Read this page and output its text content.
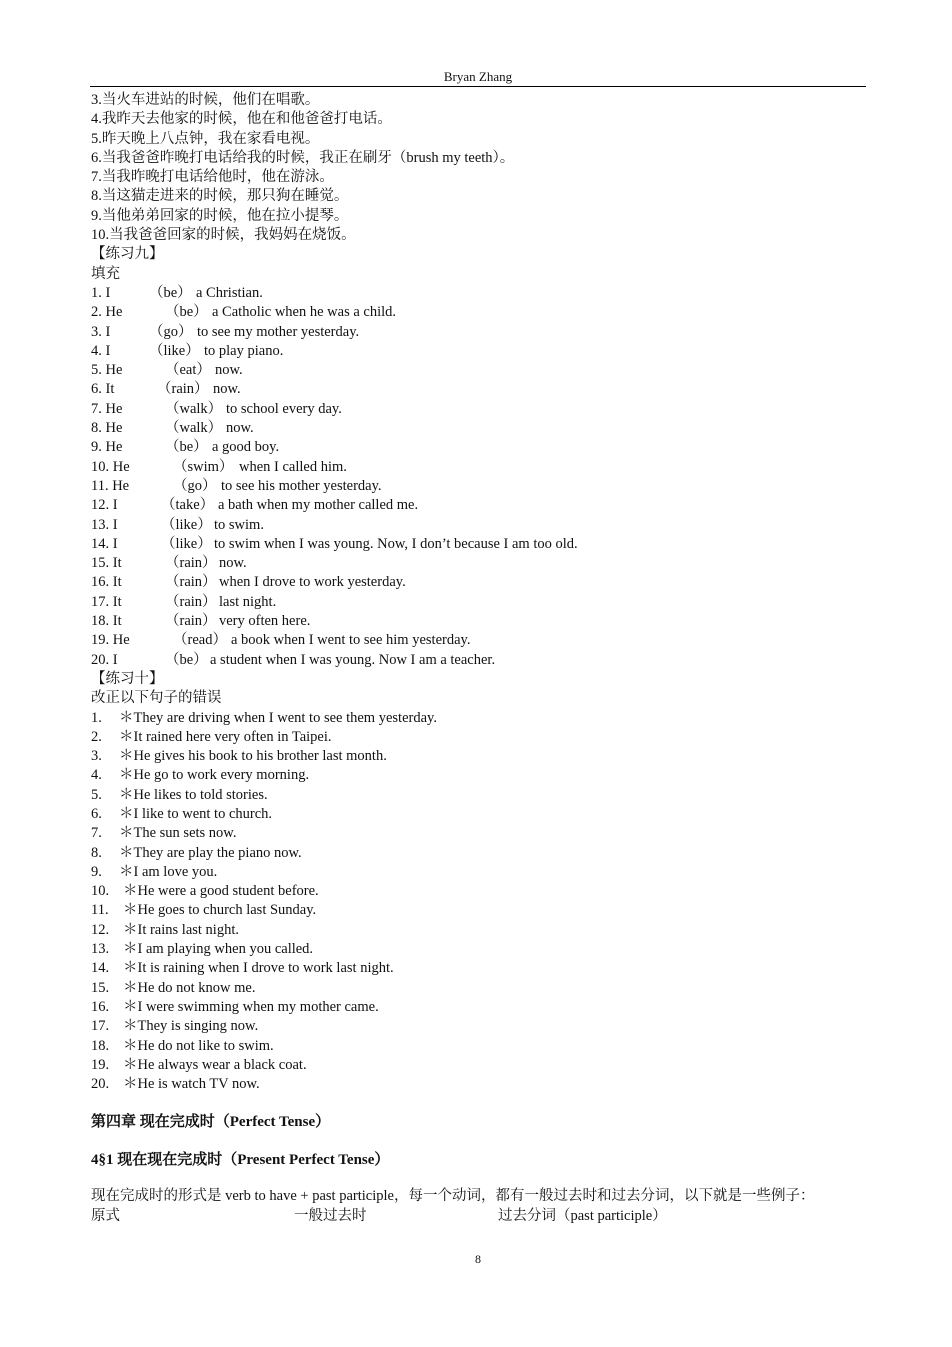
Bryan Zhang
3.当火车进站的时候，他们在唱歌。
4.我昨天去他家的时候，他在和他爸爸打电话。
5.昨天晚上八点钟，我在家看电视。
6.当我爸爸昨晚打电话给我的时候，我正在刷牙（brush my teeth）。
7.当我昨晚打电话给他时，他在游泳。
8.当这猫走进来的时候，那只狗在睡觉。
9.当他弟弟回家的时候，他在拉小提琴。
10.当我爸爸回家的时候，我妈妈在烧饭。
【练习九】
填充
1. I	（be） a Christian.
2. He	（be） a Catholic when he was a child.
3. I	（go） to see my mother yesterday.
4. I	（like） to play piano.
5. He	（eat） now.
6. It	（rain） now.
7. He	（walk） to school every day.
8. He	（walk） now.
9. He	（be） a good boy.
10. He	（swim） when I called him.
11. He	（go） to see his mother yesterday.
12. I	（take） a bath when my mother called me.
13. I	（like） to swim.
14. I	（like） to swim when I was young. Now, I don’t because I am too old.
15. It	（rain） now.
16. It	（rain） when I drove to work yesterday.
17. It	（rain） last night.
18. It	（rain） very often here.
19. He	（read） a book when I went to see him yesterday.
20. I	（be） a student when I was young. Now I am a teacher.
【练习十】
改正以下句子的错误
1. ＊They are driving when I went to see them yesterday.
2. ＊It rained here very often in Taipei.
3. ＊He gives his book to his brother last month.
4. ＊He go to work every morning.
5. ＊He likes to told stories.
6. ＊I like to went to church.
7. ＊The sun sets now.
8. ＊They are play the piano now.
9. ＊I am love you.
10. ＊He were a good student before.
11. ＊He goes to church last Sunday.
12. ＊It rains last night.
13. ＊I am playing when you called.
14. ＊It is raining when I drove to work last night.
15. ＊He do not know me.
16. ＊I were swimming when my mother came.
17. ＊They is singing now.
18. ＊He do not like to swim.
19. ＊He always wear a black coat.
20. ＊He is watch TV now.
第四章 现在完成时（Perfect Tense）
4§1 现在现在完成时（Present Perfect Tense）
现在完成时的形式是 verb to have + past participle，每一个动词，都有一般过去时和过去分词，以下就是一些例子：
原式	一般过去时	过去分词（past participle）
8
